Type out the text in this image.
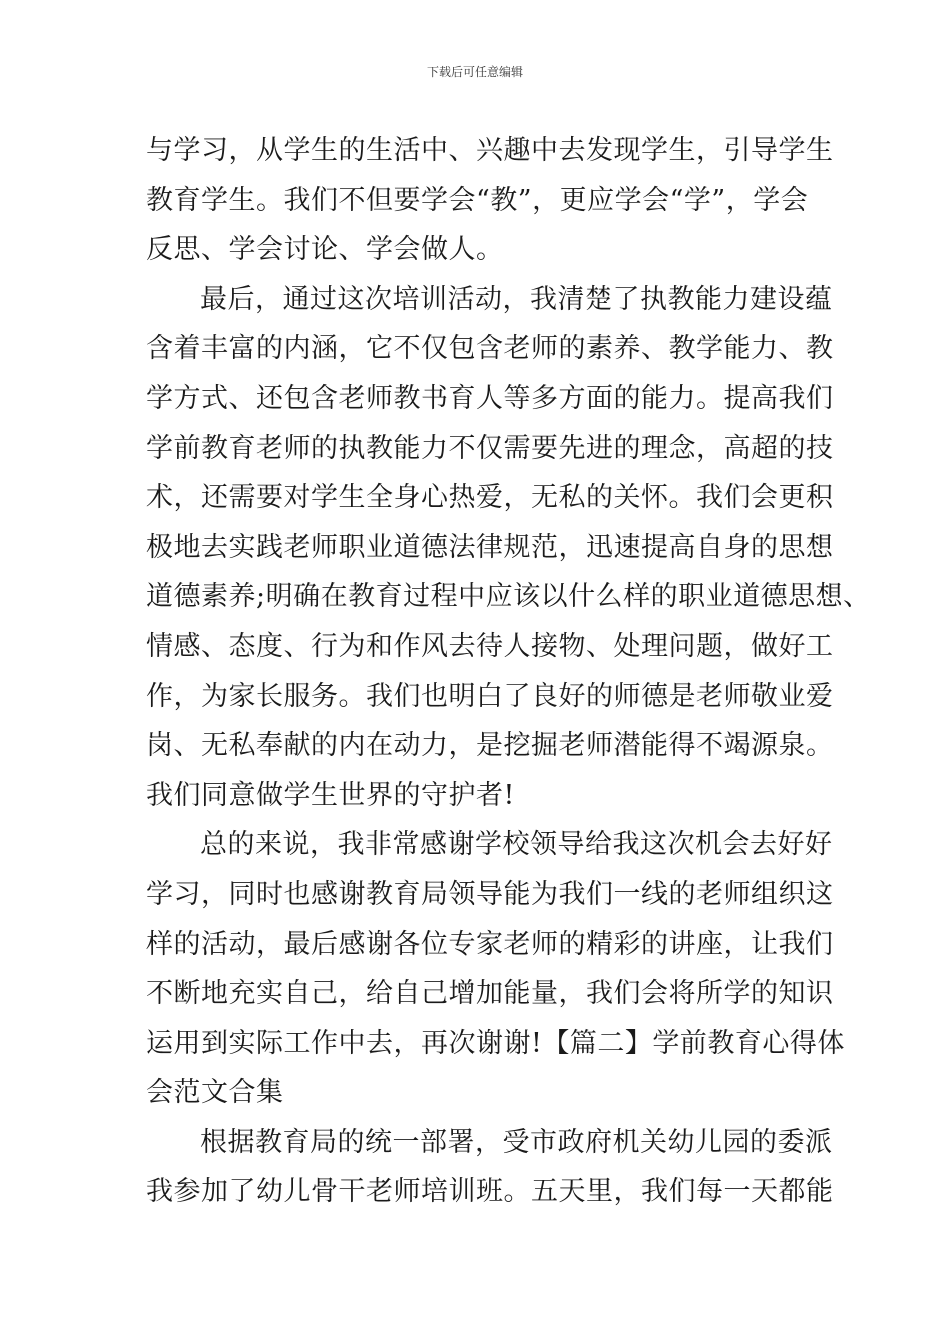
下载后可任意编辑
与学习，从学生的生活中、兴趣中去发现学生，引导学生
教育学生。我们不但要学会“教”，更应学会“学”，学会
反思、学会讨论、学会做人。
最后，通过这次培训活动，我清楚了执教能力建设蕴
含着丰富的内涵，它不仅包含老师的素养、教学能力、教
学方式、还包含老师教书育人等多方面的能力。提高我们
学前教育老师的执教能力不仅需要先进的理念，高超的技
术，还需要对学生全身心热爱，无私的关怀。我们会更积
极地去实践老师职业道德法律规范，迅速提高自身的思想
道德素养;明确在教育过程中应该以什么样的职业道德思想、
情感、态度、行为和作风去待人接物、处理问题，做好工
作，为家长服务。我们也明白了良好的师德是老师敬业爱
岗、无私奉献的内在动力，是挖掘老师潜能得不竭源泉。
我们同意做学生世界的守护者!
总的来说，我非常感谢学校领导给我这次机会去好好
学习，同时也感谢教育局领导能为我们一线的老师组织这
样的活动，最后感谢各位专家老师的精彩的讲座，让我们
不断地充实自己，给自己增加能量，我们会将所学的知识
运用到实际工作中去，再次谢谢!【篇二】学前教育心得体
会范文合集
根据教育局的统一部署，受市政府机关幼儿园的委派
我参加了幼儿骨干老师培训班。五天里，我们每一天都能
